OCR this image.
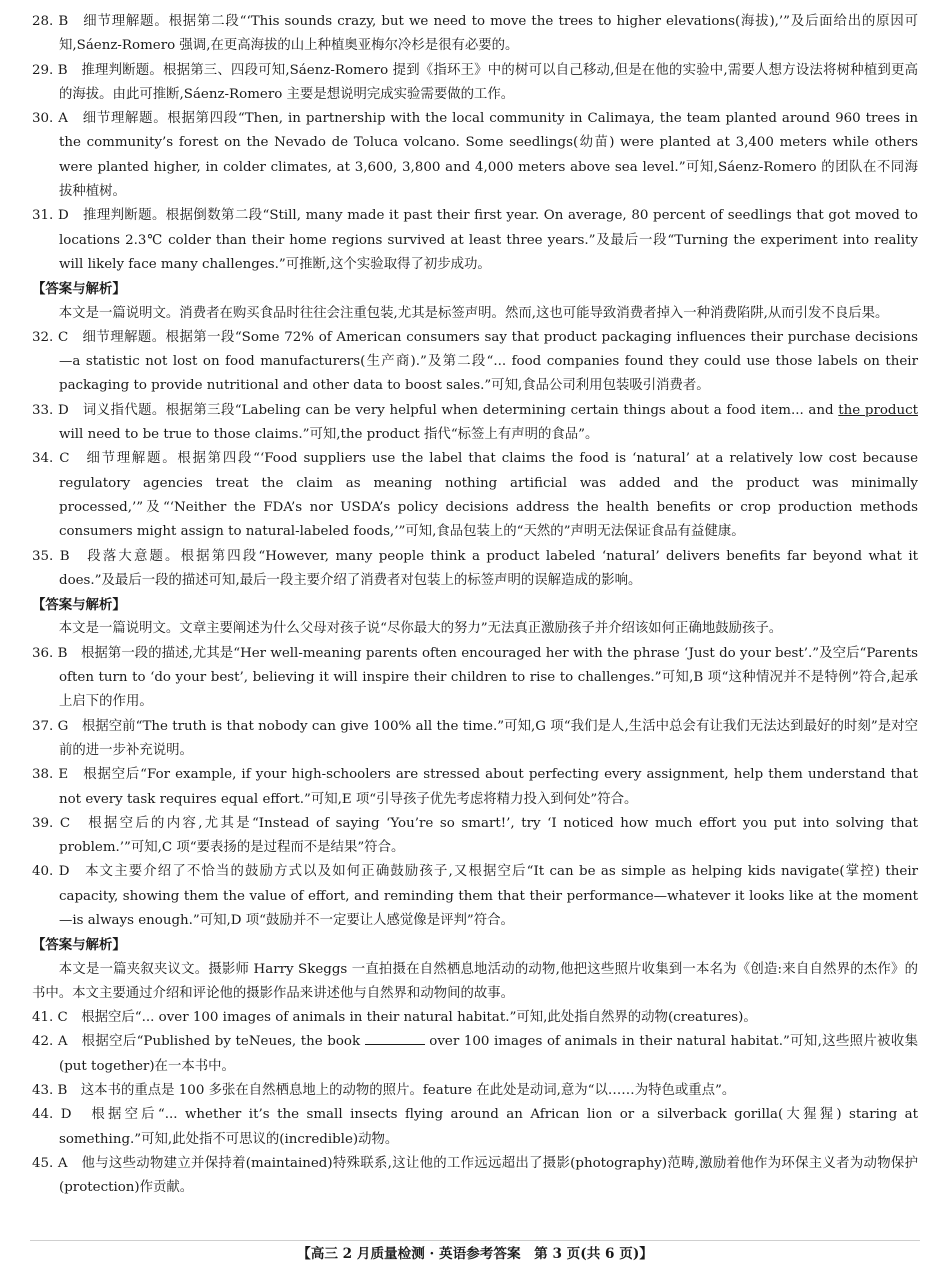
28. B　 细节理解题。根据第二段“‘This sounds crazy, but we need to move the trees to higher elevations(海拔),’”及后面给出的原因可知,Sáenz-Romero 强调,在更高海拔的山上种植奥亚梅尔冷杉是很有必要的。
29. B　 推理判断题。根据第三、四段可知,Sáenz-Romero 提到《指环王》中的树可以自己移动,但是在他的实验中,需要人想方设法将树种植到更高的海拔。由此可推断,Sáenz-Romero 主要是想说明完成实验需要做的工作。
30. A　 细节理解题。根据第四段“Then, in partnership with the local community in Calimaya, the team planted around 960 trees in the community’s forest on the Nevado de Toluca volcano. Some seedlings(幼苗) were planted at 3,400 meters while others were planted higher, in colder climates, at 3,600, 3,800 and 4,000 meters above sea level.”可知,Sáenz-Romero 的团队在不同海拔种植树。
31. D　 推理判断题。根据倒数第二段“Still, many made it past their first year. On average, 80 percent of seedlings that got moved to locations 2.3℃ colder than their home regions survived at least three years.”及最后一段“Turning the experiment into reality will likely face many challenges.”可推断,这个实验取得了初步成功。
【答案与解析】
本文是一篇说明文。消费者在购买食品时往往会注重包装,尤其是标签声明。然而,这也可能导致消费者掉入一种消费陷阱,从而引发不良后果。
32. C　 细节理解题。根据第一段“Some 72% of American consumers say that product packaging influences their purchase decisions—a statistic not lost on food manufacturers(生产商).”及第二段“... food companies found they could use those labels on their packaging to provide nutritional and other data to boost sales.”可知,食品公司利用包装吸引消费者。
33. D　 词义指代题。根据第三段“Labeling can be very helpful when determining certain things about a food item... and the product will need to be true to those claims.”可知,the product 指代“标签上有声明的食品”。
34. C　 细节理解题。根据第四段“‘Food suppliers use the label that claims the food is ‘natural’ at a relatively low cost because regulatory agencies treat the claim as meaning nothing artificial was added and the product was minimally processed,’”及“‘Neither the FDA’s nor USDA’s policy decisions address the health benefits or crop production methods consumers might assign to natural-labeled foods,’”可知,食品包装上的“天然的”声明无法保证食品有益健康。
35. B　 段落大意题。根据第四段“However, many people think a product labeled ‘natural’ delivers benefits far beyond what it does.”及最后一段的描述可知,最后一段主要介绍了消费者对包装上的标签声明的误解造成的影响。
【答案与解析】
本文是一篇说明文。文章主要阐述为什么父母对孩子说“尽你最大的努力”无法真正激励孩子并介绍该如何正确地鼓励孩子。
36. B　 根据第一段的描述,尤其是“Her well-meaning parents often encouraged her with the phrase ‘Just do your best’.”及空后“Parents often turn to ‘do your best’, believing it will inspire their children to rise to challenges.”可知,B 项“这种情况并不是特例”符合,起承上启下的作用。
37. G　 根据空前“The truth is that nobody can give 100% all the time.”可知,G 项“我们是人,生活中总会有让我们无法达到最好的时刻”是对空前的进一步补充说明。
38. E　 根据空后“For example, if your high-schoolers are stressed about perfecting every assignment, help them understand that not every task requires equal effort.”可知,E 项“引导孩子优先考虑将精力投入到何处”符合。
39. C　 根据空后的内容,尤其是“Instead of saying ‘You’re so smart!’, try ‘I noticed how much effort you put into solving that problem.’”可知,C 项“要表扬的是过程而不是结果”符合。
40. D　 本文主要介绍了不恰当的鼓励方式以及如何正确鼓励孩子,又根据空后“It can be as simple as helping kids navigate(掌控) their capacity, showing them the value of effort, and reminding them that their performance—whatever it looks like at the moment—is always enough.”可知,D 项“鼓励并不一定要让人感觉像是评判”符合。
【答案与解析】
本文是一篇夹叙夹议文。摄影师 Harry Skeggs 一直拍摄在自然栖息地活动的动物,他把这些照片收集到一本名为《创造:来自自然界的杰作》的书中。本文主要通过介绍和评论他的摄影作品来讲述他与自然界和动物间的故事。
41. C　 根据空后“... over 100 images of animals in their natural habitat.”可知,此处指自然界的动物(creatures)。
42. A　 根据空后“Published by teNeues, the book	over 100 images of animals in their natural habitat.”可知,这些照片被收集(put together)在一本书中。
43. B　 这本书的重点是 100 多张在自然栖息地上的动物的照片。feature 在此处是动词,意为“以……为特色或重点”。
44. D　 根据空后“... whether it’s the small insects flying around an African lion or a silverback gorilla(大猩猩) staring at something.”可知,此处指不可思议的(incredible)动物。
45. A　 他与这些动物建立并保持着(maintained)特殊联系,这让他的工作远远超出了摄影(photography)范畴,激励着他作为环保主义者为动物保护(protection)作贡献。
【高三 2 月质量检测 · 英语参考答案　第 3 页(共 6 页)】
